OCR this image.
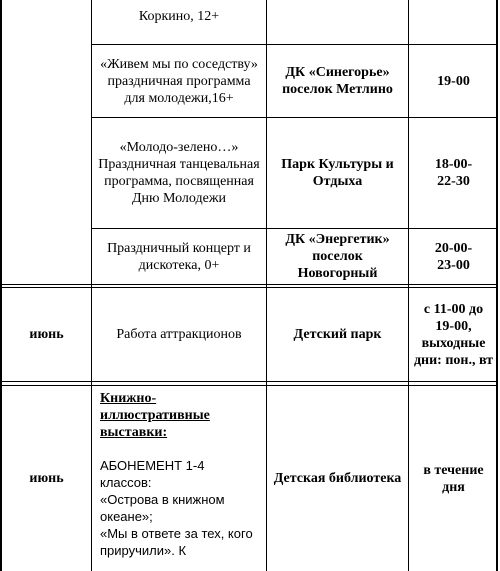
Коркино, 12+
«Живем мы по соседству» праздничная программа для молодежи,16+
ДК «Синегорье» поселок Метлино
19-00
«Молодо-зелено…» Праздничная танцевальная программа, посвященная Дню Молодежи
Парк Культуры и Отдыха
18-00-
22-30
Праздничный концерт и дискотека, 0+
ДК «Энергетик» поселок Новогорный
20-00-
23-00
июнь	Работа аттракционов	Детский парк
с 11-00 до 19-00, выходные дни: пон., вт
июнь
Книжно-иллюстративные выставки:
АБОНЕМЕНТ 1-4 классов:
«Острова в книжном океане»;
«Мы в ответе за тех, кого приручили». К
Детская библиотека
в течение дня
